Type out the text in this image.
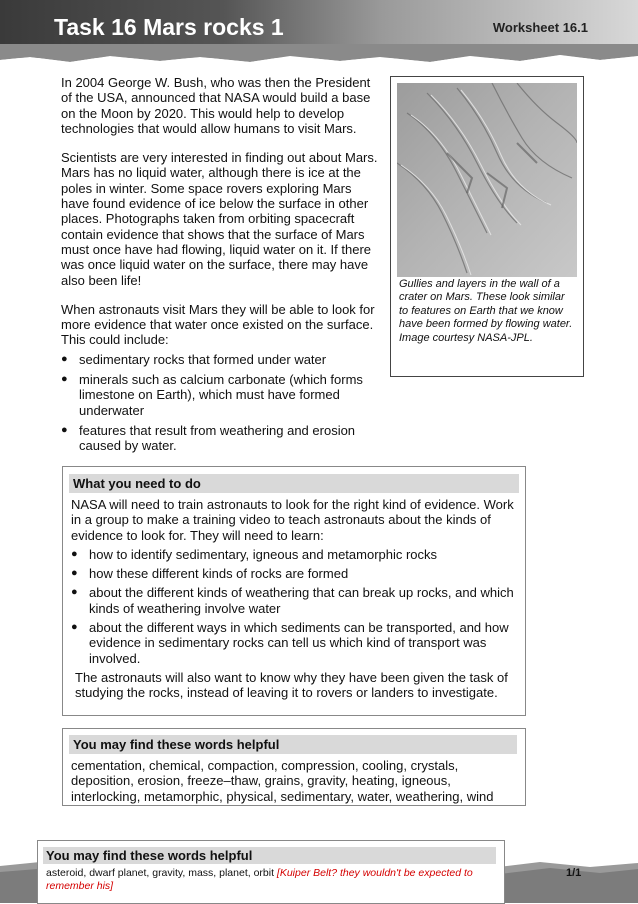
Task 16 Mars rocks 1	Worksheet 16.1

In 2004 George W. Bush, who was then the President of the USA, announced that NASA would build a base on the Moon by 2020. This would help to develop technologies that would allow humans to visit Mars.

Scientists are very interested in finding out about Mars. Mars has no liquid water, although there is ice at the poles in winter. Some space rovers exploring Mars have found evidence of ice below the surface in other places. Photographs taken from orbiting spacecraft contain evidence that shows that the surface of Mars must once have had flowing, liquid water on it. If there was once liquid water on the surface, there may have also been life!

When astronauts visit Mars they will be able to look for more evidence that water once existed on the surface. This could include:

● sedimentary rocks that formed under water
● minerals such as calcium carbonate (which forms limestone on Earth), which must have formed underwater
● features that result from weathering and erosion caused by water.
Gullies and layers in the wall of a crater on Mars. These look similar to features on Earth that we know have been formed by flowing water.
Image courtesy NASA-JPL.
What you need to do

NASA will need to train astronauts to look for the right kind of evidence. Work in a group to make a training video to teach astronauts about the kinds of evidence to look for. They will need to learn:

● how to identify sedimentary, igneous and metamorphic rocks
● how these different kinds of rocks are formed
● about the different kinds of weathering that can break up rocks, and which kinds of weathering involve water
● about the different ways in which sediments can be transported, and how evidence in sedimentary rocks can tell us which kind of transport was involved.

The astronauts will also want to know why they have been given the task of studying the rocks, instead of leaving it to rovers or landers to investigate.

You may find these words helpful
cementation, chemical, compaction, compression, cooling, crystals, deposition, erosion, freeze–thaw, grains, gravity, heating, igneous, interlocking, metamorphic, physical, sedimentary, water, weathering, wind
You may find these words helpful
asteroid, dwarf planet, gravity, mass, planet, orbit [Kuiper Belt? they wouldn't be expected to remember his]
1/1
